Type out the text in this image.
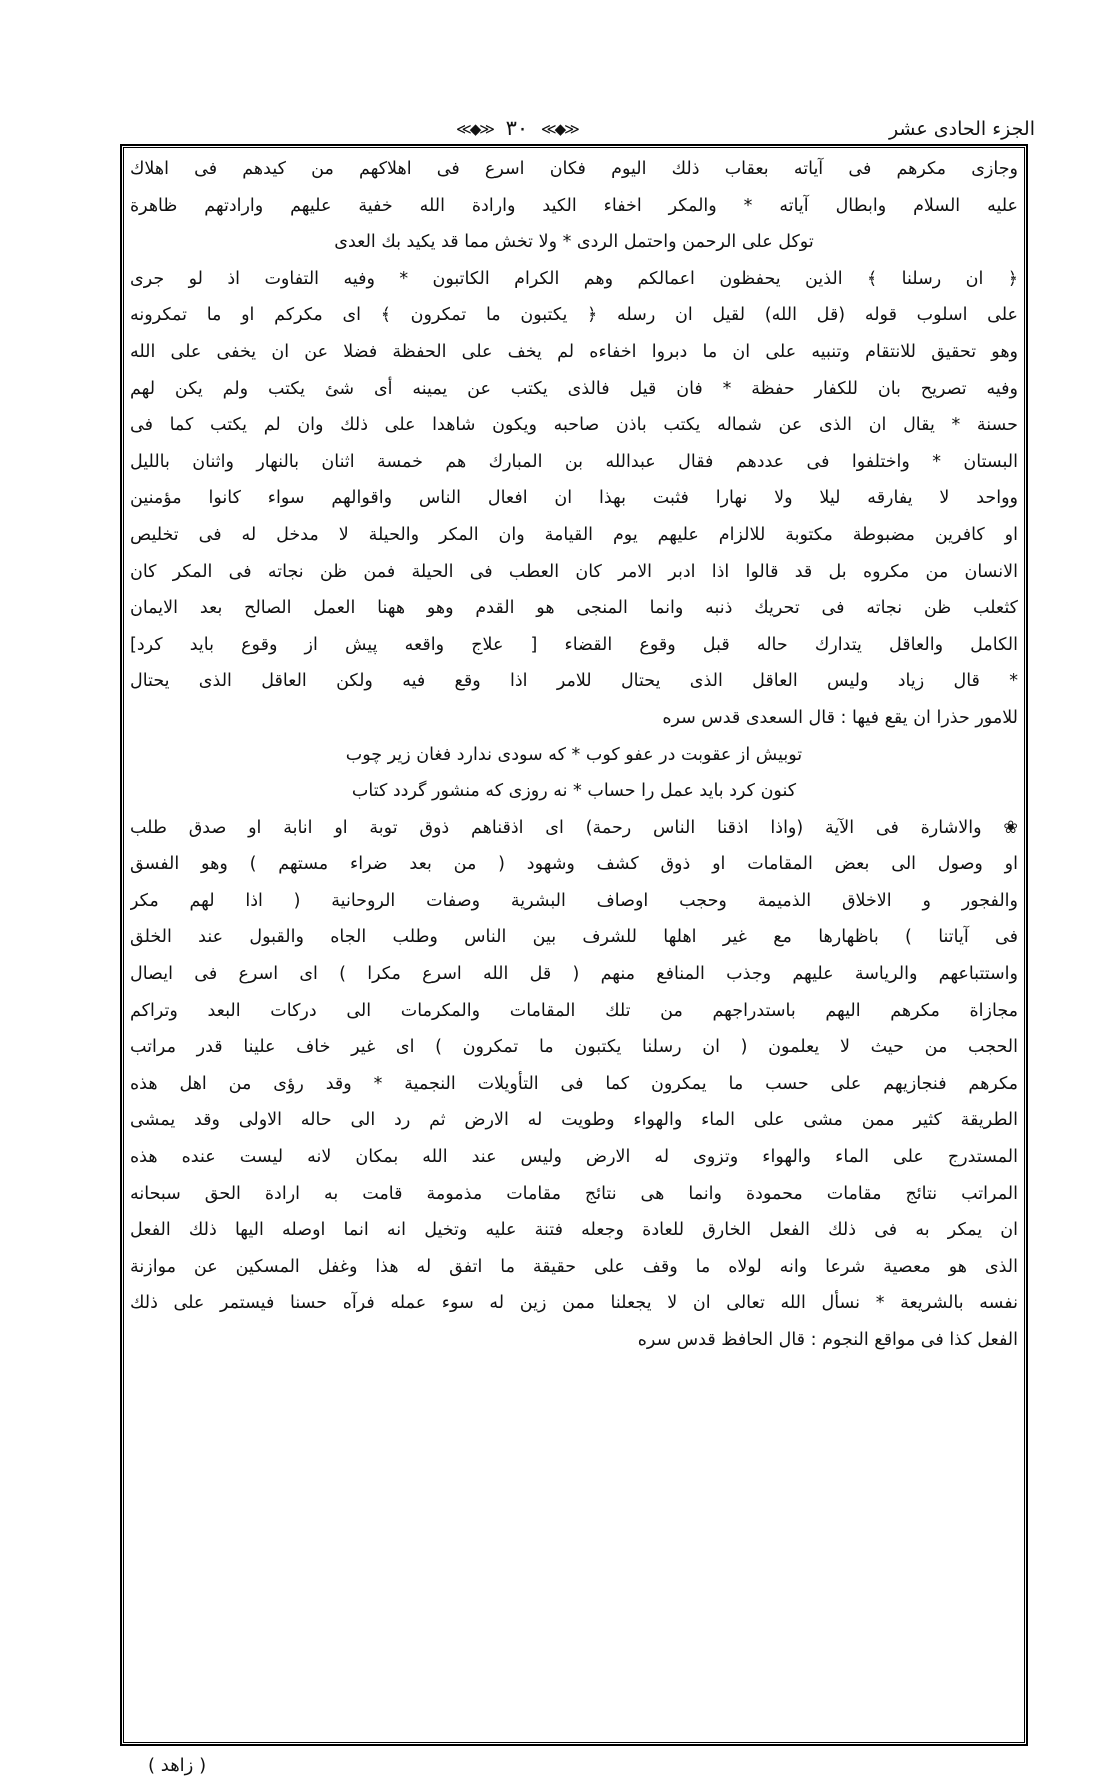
الجزء الحادى عشر
≪◆≫ ٣٠ ≪◆≫
وجازى مكرهم فى آياته بعقاب ذلك اليوم فكان اسرع فى اهلاكهم من كيدهم فى اهلاك
عليه السلام وابطال آياته * والمكر اخفاء الكيد وارادة الله خفية عليهم وارادتهم ظاهرة
توكل على الرحمن واحتمل الردى * ولا تخش مما قد يكيد بك العدى
﴿ ان رسلنا ﴾ الذين يحفظون اعمالكم وهم الكرام الكاتبون * وفيه التفاوت اذ لو جرى
على اسلوب قوله (قل الله) لقيل ان رسله ﴿ يكتبون ما تمكرون ﴾ اى مكركم او ما تمكرونه
وهو تحقيق للانتقام وتنبيه على ان ما دبروا اخفاءه لم يخف على الحفظة فضلا عن ان يخفى على الله
وفيه تصريح بان للكفار حفظة * فان قيل فالذى يكتب عن يمينه أى شئ يكتب ولم يكن لهم
حسنة * يقال ان الذى عن شماله يكتب باذن صاحبه ويكون شاهدا على ذلك وان لم يكتب كما فى
البستان * واختلفوا فى عددهم فقال عبدالله بن المبارك هم خمسة اثنان بالنهار واثنان بالليل
وواحد لا يفارقه ليلا ولا نهارا فثبت بهذا ان افعال الناس واقوالهم سواء كانوا مؤمنين
او كافرين مضبوطة مكتوبة للالزام عليهم يوم القيامة وان المكر والحيلة لا مدخل له فى تخليص
الانسان من مكروه بل قد قالوا اذا ادبر الامر كان العطب فى الحيلة فمن ظن نجاته فى المكر كان
كثعلب ظن نجاته فى تحريك ذنبه وانما المنجى هو القدم وهو ههنا العمل الصالح بعد الايمان
الكامل والعاقل يتدارك حاله قبل وقوع القضاء [ علاج واقعه پيش از وقوع بايد كرد]
* قال زياد وليس العاقل الذى يحتال للامر اذا وقع فيه ولكن العاقل الذى يحتال
للامور حذرا ان يقع فيها : قال السعدى قدس سره
توبيش از عقوبت در عفو كوب * كه سودى ندارد فغان زير چوب
كنون كرد بايد عمل را حساب * نه روزى كه منشور گردد كتاب
❀ والاشارة فى الآية (واذا اذقنا الناس رحمة) اى اذقناهم ذوق توبة او انابة او صدق طلب
او وصول الى بعض المقامات او ذوق كشف وشهود ( من بعد ضراء مستهم ) وهو الفسق
والفجور و الاخلاق الذميمة وحجب اوصاف البشرية وصفات الروحانية ( اذا لهم مكر
فى آياتنا ) باظهارها مع غير اهلها للشرف بين الناس وطلب الجاه والقبول عند الخلق
واستتباعهم والرياسة عليهم وجذب المنافع منهم ( قل الله اسرع مكرا ) اى اسرع فى ايصال
مجازاة مكرهم اليهم باستدراجهم من تلك المقامات والمكرمات الى دركات البعد وتراكم
الحجب من حيث لا يعلمون ( ان رسلنا يكتبون ما تمكرون ) اى غير خاف علينا قدر مراتب
مكرهم فنجازيهم على حسب ما يمكرون كما فى التأويلات النجمية * وقد رؤى من اهل هذه
الطريقة كثير ممن مشى على الماء والهواء وطويت له الارض ثم رد الى حاله الاولى وقد يمشى
المستدرج على الماء والهواء وتزوى له الارض وليس عند الله بمكان لانه ليست عنده هذه
المراتب نتائج مقامات محمودة وانما هى نتائج مقامات مذمومة قامت به ارادة الحق سبحانه
ان يمكر به فى ذلك الفعل الخارق للعادة وجعله فتنة عليه وتخيل انه انما اوصله اليها ذلك الفعل
الذى هو معصية شرعا وانه لولاه ما وقف على حقيقة ما اتفق له هذا وغفل المسكين عن موازنة
نفسه بالشريعة * نسأل الله تعالى ان لا يجعلنا ممن زين له سوء عمله فرآه حسنا فيستمر على ذلك
الفعل كذا فى مواقع النجوم : قال الحافظ قدس سره
( زاهد )
